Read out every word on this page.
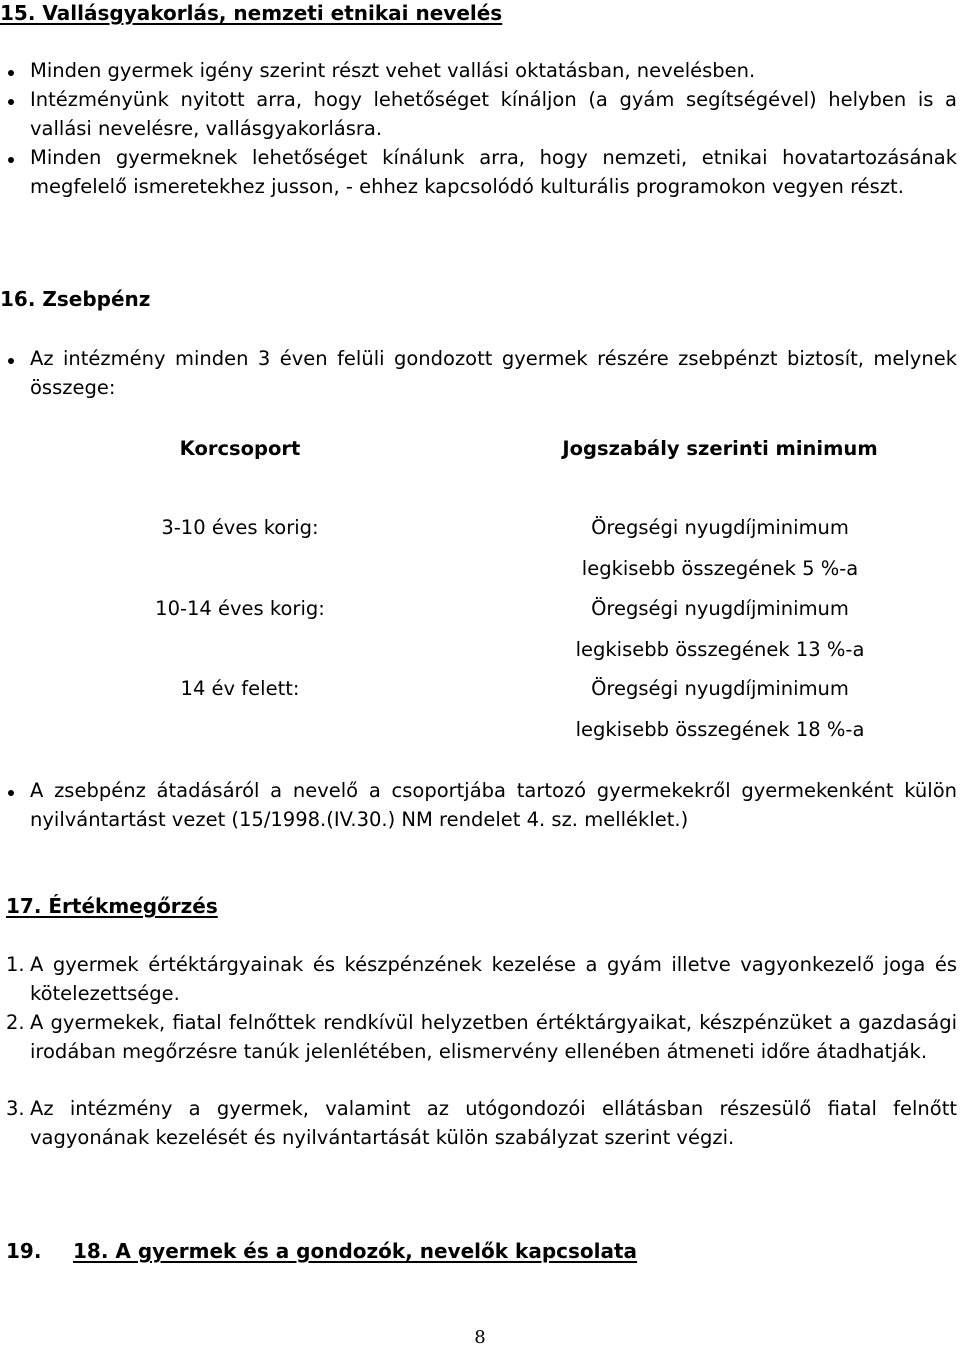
15. Vallásgyakorlás, nemzeti etnikai nevelés
Minden gyermek igény szerint részt vehet vallási oktatásban, nevelésben.
Intézményünk nyitott arra, hogy lehetőséget kínáljon (a gyám segítségével) helyben is a vallási nevelésre, vallásgyakorlásra.
Minden gyermeknek lehetőséget kínálunk arra, hogy nemzeti, etnikai hovatartozásának megfelelő ismeretekhez jusson, - ehhez kapcsolódó kulturális programokon vegyen részt.
16. Zsebpénz
Az intézmény minden 3 éven felüli gondozott gyermek részére zsebpénzt biztosít, melynek összege:
Korcsoport	Jogszabály szerinti minimum
3-10 éves korig:	Öregségi nyugdíjminimum
legkisebb összegének 5 %-a
10-14 éves korig:	Öregségi nyugdíjminimum
legkisebb összegének 13 %-a
14 év felett:	Öregségi nyugdíjminimum
legkisebb összegének 18 %-a
A zsebpénz átadásáról a nevelő a csoportjába tartozó gyermekekről gyermekenként külön nyilvántartást vezet (15/1998.(IV.30.) NM rendelet 4. sz. melléklet.)
17. Értékmegőrzés
1. A gyermek értéktárgyainak és készpénzének kezelése a gyám illetve vagyonkezelő joga és kötelezettsége.
2. A gyermekek, fiatal felnőttek rendkívül helyzetben értéktárgyaikat, készpénzüket a gazdasági irodában megőrzésre tanúk jelenlétében, elismervény ellenében átmeneti időre átadhatják.
3. Az intézmény a gyermek, valamint az utógondozói ellátásban részesülő fiatal felnőtt vagyonának kezelését és nyilvántartását külön szabályzat szerint végzi.
19. 18. A gyermek és a gondozók, nevelők kapcsolata
8
